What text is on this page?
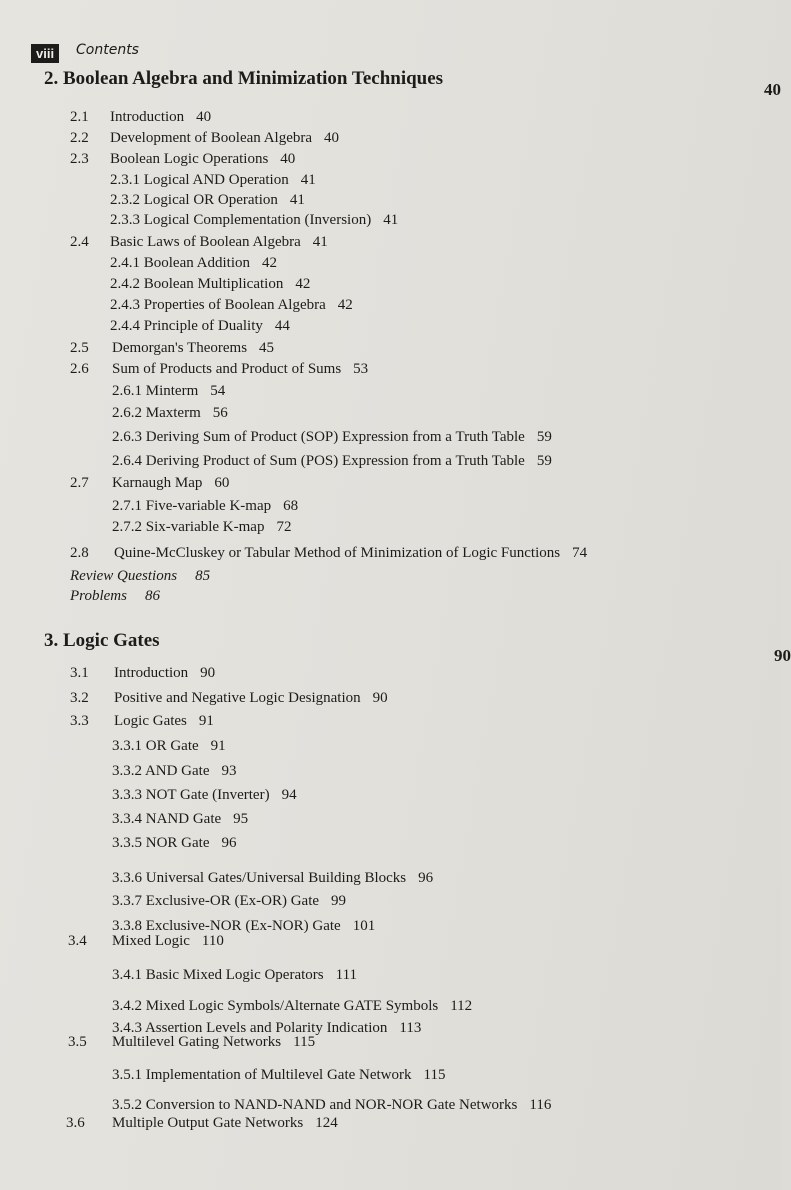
viii	Contents
2. Boolean Algebra and Minimization Techniques
40
2.1 Introduction 40
2.2 Development of Boolean Algebra 40
2.3 Boolean Logic Operations 40
2.3.1 Logical AND Operation 41
2.3.2 Logical OR Operation 41
2.3.3 Logical Complementation (Inversion) 41
2.4 Basic Laws of Boolean Algebra 41
2.4.1 Boolean Addition 42
2.4.2 Boolean Multiplication 42
2.4.3 Properties of Boolean Algebra 42
2.4.4 Principle of Duality 44
2.5 Demorgan's Theorems 45
2.6 Sum of Products and Product of Sums 53
2.6.1 Minterm 54
2.6.2 Maxterm 56
2.6.3 Deriving Sum of Product (SOP) Expression from a Truth Table 59
2.6.4 Deriving Product of Sum (POS) Expression from a Truth Table 59
2.7 Karnaugh Map 60
2.7.1 Five-variable K-map 68
2.7.2 Six-variable K-map 72
2.8 Quine-McCluskey or Tabular Method of Minimization of Logic Functions 74
Review Questions 85
Problems 86
3. Logic Gates
90
3.1 Introduction 90
3.2 Positive and Negative Logic Designation 90
3.3 Logic Gates 91
3.3.1 OR Gate 91
3.3.2 AND Gate 93
3.3.3 NOT Gate (Inverter) 94
3.3.4 NAND Gate 95
3.3.5 NOR Gate 96
3.3.6 Universal Gates/Universal Building Blocks 96
3.3.7 Exclusive-OR (Ex-OR) Gate 99
3.3.8 Exclusive-NOR (Ex-NOR) Gate 101
3.4 Mixed Logic 110
3.4.1 Basic Mixed Logic Operators 111
3.4.2 Mixed Logic Symbols/Alternate GATE Symbols 112
3.4.3 Assertion Levels and Polarity Indication 113
3.5 Multilevel Gating Networks 115
3.5.1 Implementation of Multilevel Gate Network 115
3.5.2 Conversion to NAND-NAND and NOR-NOR Gate Networks 116
3.6 Multiple Output Gate Networks 124
